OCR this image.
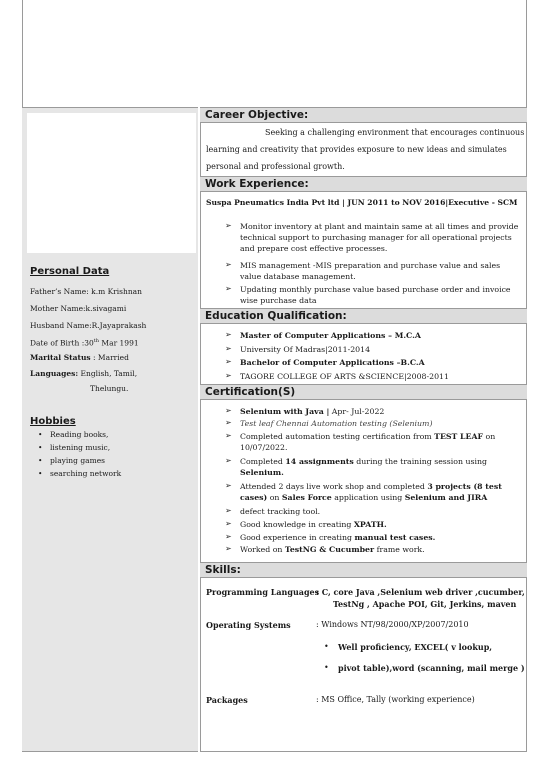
Personal Data
Father’s Name: k.m Krishnan
Mother Name:k.sivagami
Husband Name:R.Jayaprakash
Date of Birth :30th Mar 1991
Marital Status : Married
Languages: English, Tamil,
Thelungu.
Hobbies
• Reading books,
• listening music,
• playing games
• searching network
Career Objective:
Seeking a challenging environment that encourages continuous
learning and creativity that provides exposure to new ideas and simulates
personal and professional growth.
Work Experience:
Suspa Pneumatics India Pvt ltd | JUN 2011 to NOV 2016|Executive - SCM
➢ Monitor inventory at plant and maintain same at all times and provide technical support to purchasing manager for all operational projects and prepare cost effective processes.
➢ MIS management -MIS preparation and purchase value and sales value database management.
➢ Updating monthly purchase value based purchase order and invoice wise purchase data
Education Qualification:
➢ Master of Computer Applications – M.C.A
➢ University Of Madras|2011-2014
➢ Bachelor of Computer Applications –B.C.A
➢ TAGORE COLLEGE OF ARTS &SCIENCE|2008-2011
Certification(S)
➢ Selenium with Java | Apr- Jul-2022
➢ Test leaf Chennai Automation testing (Selenium)
➢ Completed automation testing certification from TEST LEAF on
10/07/2022.
➢ Completed 14 assignments during the training session using
Selenium.
➢ Attended 2 days live work shop and completed 3 projects (8 test
cases) on Sales Force application using Selenium and JIRA
➢ defect tracking tool.
➢ Good knowledge in creating XPATH.
➢ Good experience in creating manual test cases.
➢ Worked on TestNG & Cucumber frame work.
Skills:
Programming Languages
: C, core Java ,Selenium web driver ,cucumber,
TestNg , Apache POI, Git, Jerkins, maven
Operating Systems	: Windows NT/98/2000/XP/2007/2010
• Well proficiency, EXCEL( v lookup,
• pivot table),word (scanning, mail merge )
Packages	: MS Office, Tally (working experience)
